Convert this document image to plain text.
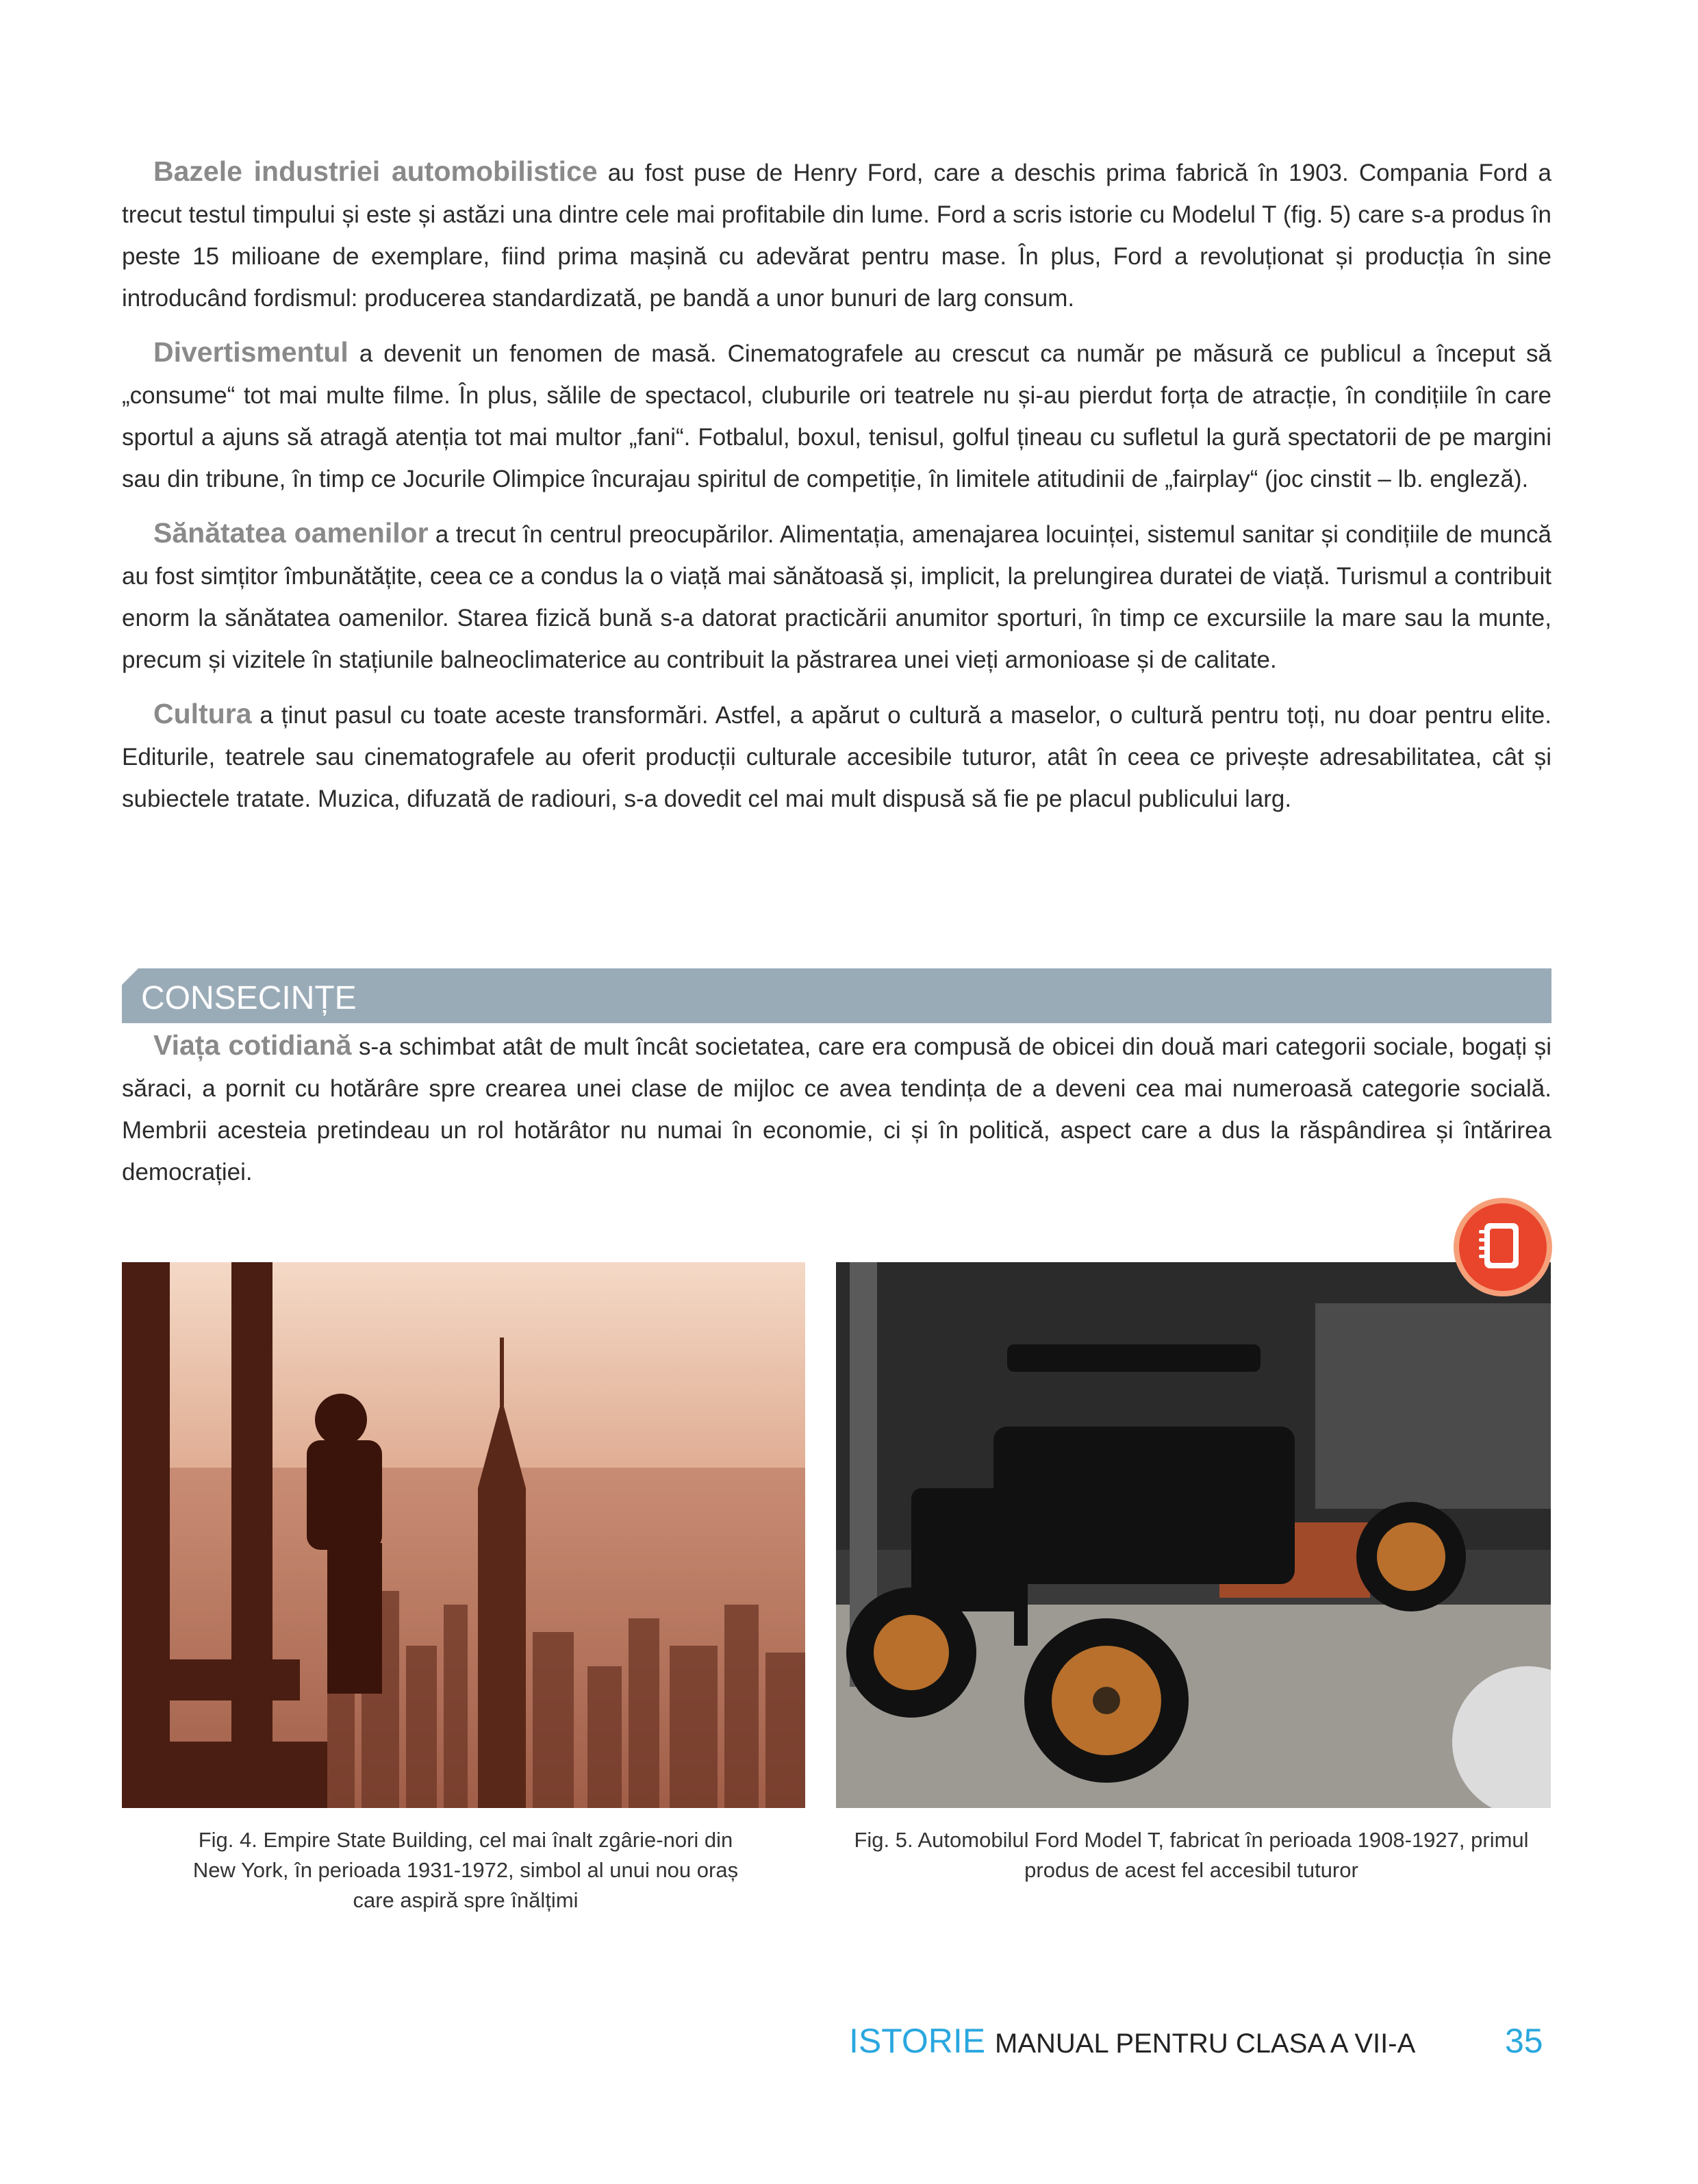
Bazele industriei automobilistice au fost puse de Henry Ford, care a deschis prima fabrică în 1903. Compania Ford a trecut testul timpului și este și astăzi una dintre cele mai profitabile din lume. Ford a scris istorie cu Modelul T (fig. 5) care s-a produs în peste 15 milioane de exemplare, fiind prima mașină cu adevărat pentru mase. În plus, Ford a revoluționat și producția în sine introducând fordismul: producerea standardizată, pe bandă a unor bunuri de larg consum.

Divertismentul a devenit un fenomen de masă. Cinematografele au crescut ca număr pe măsură ce publicul a început să „consume“ tot mai multe filme. În plus, sălile de spectacol, cluburile ori teatrele nu și-au pierdut forța de atracție, în condițiile în care sportul a ajuns să atragă atenția tot mai multor „fani“. Fotbalul, boxul, tenisul, golful țineau cu sufletul la gură spectatorii de pe margini sau din tribune, în timp ce Jocurile Olimpice încurajau spiritul de competiție, în limitele atitudinii de „fairplay“ (joc cinstit – lb. engleză).

Sănătatea oamenilor a trecut în centrul preocupărilor. Alimentația, amenajarea locuinței, sistemul sanitar și condițiile de muncă au fost simțitor îmbunătățite, ceea ce a condus la o viață mai sănătoasă și, implicit, la prelungirea duratei de viață. Turismul a contribuit enorm la sănătatea oamenilor. Starea fizică bună s-a datorat practicării anumitor sporturi, în timp ce excursiile la mare sau la munte, precum și vizitele în stațiunile balneoclimaterice au contribuit la păstrarea unei vieți armonioase și de calitate.

Cultura a ținut pasul cu toate aceste transformări. Astfel, a apărut o cultură a maselor, o cultură pentru toți, nu doar pentru elite. Editurile, teatrele sau cinematografele au oferit producții culturale accesibile tuturor, atât în ceea ce privește adresabilitatea, cât și subiectele tratate. Muzica, difuzată de radiouri, s-a dovedit cel mai mult dispusă să fie pe placul publicului larg.

CONSECINȚE

Viața cotidiană s-a schimbat atât de mult încât societatea, care era compusă de obicei din două mari categorii sociale, bogați și săraci, a pornit cu hotărâre spre crearea unei clase de mijloc ce avea tendința de a deveni cea mai numeroasă categorie socială. Membrii acesteia pretindeau un rol hotărâtor nu numai în economie, ci și în politică, aspect care a dus la răspândirea și întărirea democrației.

Fig. 4. Empire State Building, cel mai înalt zgârie-nori din New York, în perioada 1931-1972, simbol al unui nou oraș care aspiră spre înălțimi
Fig. 5. Automobilul Ford Model T, fabricat în perioada 1908-1927, primul produs de acest fel accesibil tuturor
ISTORIE MANUAL PENTRU CLASA A VII-A	35
